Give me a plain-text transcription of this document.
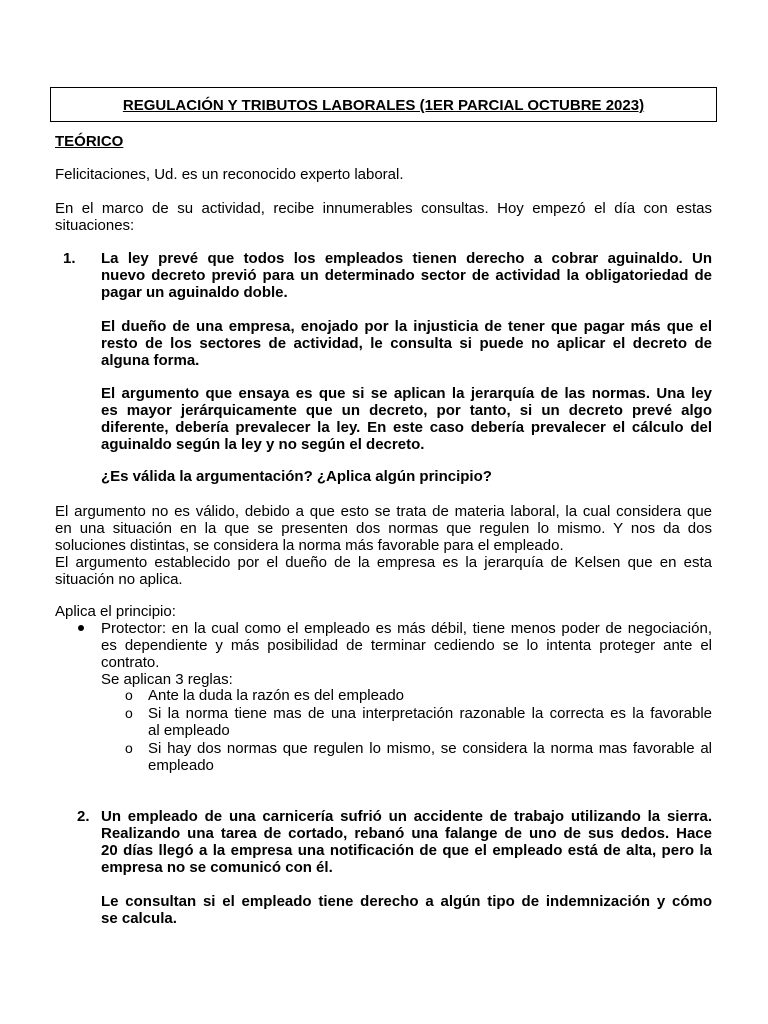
REGULACIÓN Y TRIBUTOS LABORALES (1ER PARCIAL OCTUBRE 2023)
TEÓRICO
Felicitaciones, Ud. es un reconocido experto laboral.
En el marco de su actividad, recibe innumerables consultas. Hoy empezó el día con estas
situaciones:
1. La ley prevé que todos los empleados tienen derecho a cobrar aguinaldo. Un
nuevo decreto previó para un determinado sector de actividad la obligatoriedad de
pagar un aguinaldo doble.
El dueño de una empresa, enojado por la injusticia de tener que pagar más que el
resto de los sectores de actividad, le consulta si puede no aplicar el decreto de
alguna forma.
El argumento que ensaya es que si se aplican la jerarquía de las normas. Una ley
es mayor jerárquicamente que un decreto, por tanto, si un decreto prevé algo
diferente, debería prevalecer la ley. En este caso debería prevalecer el cálculo del
aguinaldo según la ley y no según el decreto.
¿Es válida la argumentación? ¿Aplica algún principio?
El argumento no es válido, debido a que esto se trata de materia laboral, la cual considera que
en una situación en la que se presenten dos normas que regulen lo mismo. Y nos da dos
soluciones distintas, se considera la norma más favorable para el empleado.
El argumento establecido por el dueño de la empresa es la jerarquía de Kelsen que en esta
situación no aplica.
Aplica el principio:
Protector: en la cual como el empleado es más débil, tiene menos poder de negociación,
es dependiente y más posibilidad de terminar cediendo se lo intenta proteger ante el
contrato.
Se aplican 3 reglas:
o Ante la duda la razón es del empleado
o Si la norma tiene mas de una interpretación razonable la correcta es la favorable
al empleado
o Si hay dos normas que regulen lo mismo, se considera la norma mas favorable al
empleado
2. Un empleado de una carnicería sufrió un accidente de trabajo utilizando la sierra.
Realizando una tarea de cortado, rebanó una falange de uno de sus dedos. Hace
20 días llegó a la empresa una notificación de que el empleado está de alta, pero la
empresa no se comunicó con él.
Le consultan si el empleado tiene derecho a algún tipo de indemnización y cómo
se calcula.
